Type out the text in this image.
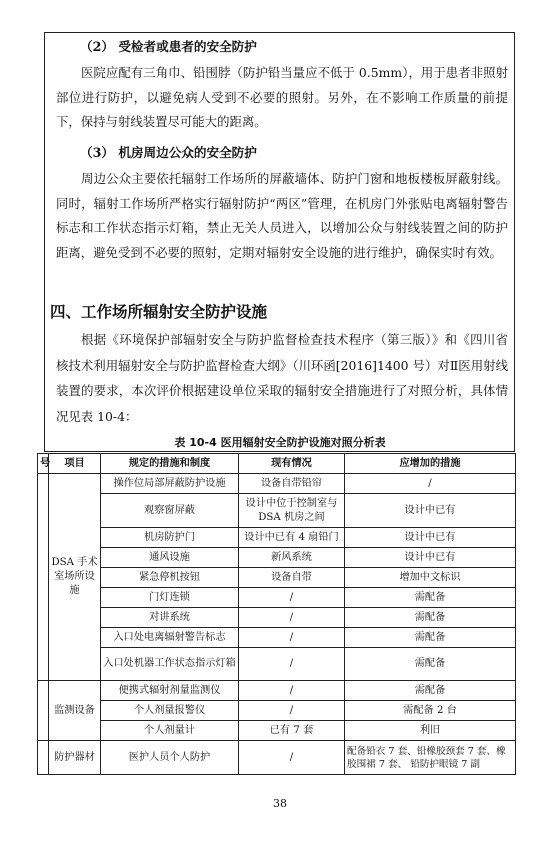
（2） 受检者或患者的安全防护

医院应配有三角巾、铅围脖（防护铅当量应不低于 0.5mm），用于患者非照射部位进行防护，以避免病人受到不必要的照射。另外，在不影响工作质量的前提下，保持与射线装置尽可能大的距离。

（3） 机房周边公众的安全防护

周边公众主要依托辐射工作场所的屏蔽墙体、防护门窗和地板楼板屏蔽射线。同时，辐射工作场所严格实行辐射防护“两区”管理，在机房门外张贴电离辐射警告标志和工作状态指示灯箱，禁止无关人员进入，以增加公众与射线装置之间的防护距离，避免受到不必要的照射，定期对辐射安全设施的进行维护，确保实时有效。

四、工作场所辐射安全防护设施

根据《环境保护部辐射安全与防护监督检查技术程序（第三版）》和《四川省核技术利用辐射安全与防护监督检查大纲》（川环函[2016]1400 号）对Ⅱ医用射线装置的要求，本次评价根据建设单位采取的辐射安全措施进行了对照分析，具体情况见表 10-4：

表 10-4 医用辐射安全防护设施对照分析表

号	项目	规定的措施和制度	现有情况	应增加的措施
	DSA 手术室场所设施	操作位局部屏蔽防护设施	设备自带铅帘	/
		观察窗屏蔽	设计中位于控制室与 DSA 机房之间	设计中已有
		机房防护门	设计中已有 4 扇铅门	设计中已有
		通风设施	新风系统	设计中已有
		紧急停机按钮	设备自带	增加中文标识
		门灯连锁	/	需配备
		对讲系统	/	需配备
		入口处电离辐射警告标志	/	需配备
		入口处机器工作状态指示灯箱	/	需配备
	监测设备	便携式辐射剂量监测仪	/	需配备
		个人剂量报警仪	/	需配备 2 台
		个人剂量计	已有 7 套	利旧
	防护器材	医护人员个人防护	/	配备铅衣 7 套、铅橡胶颈套 7 套、橡胶围裙 7 套、 铅防护眼镜 7 副

38
